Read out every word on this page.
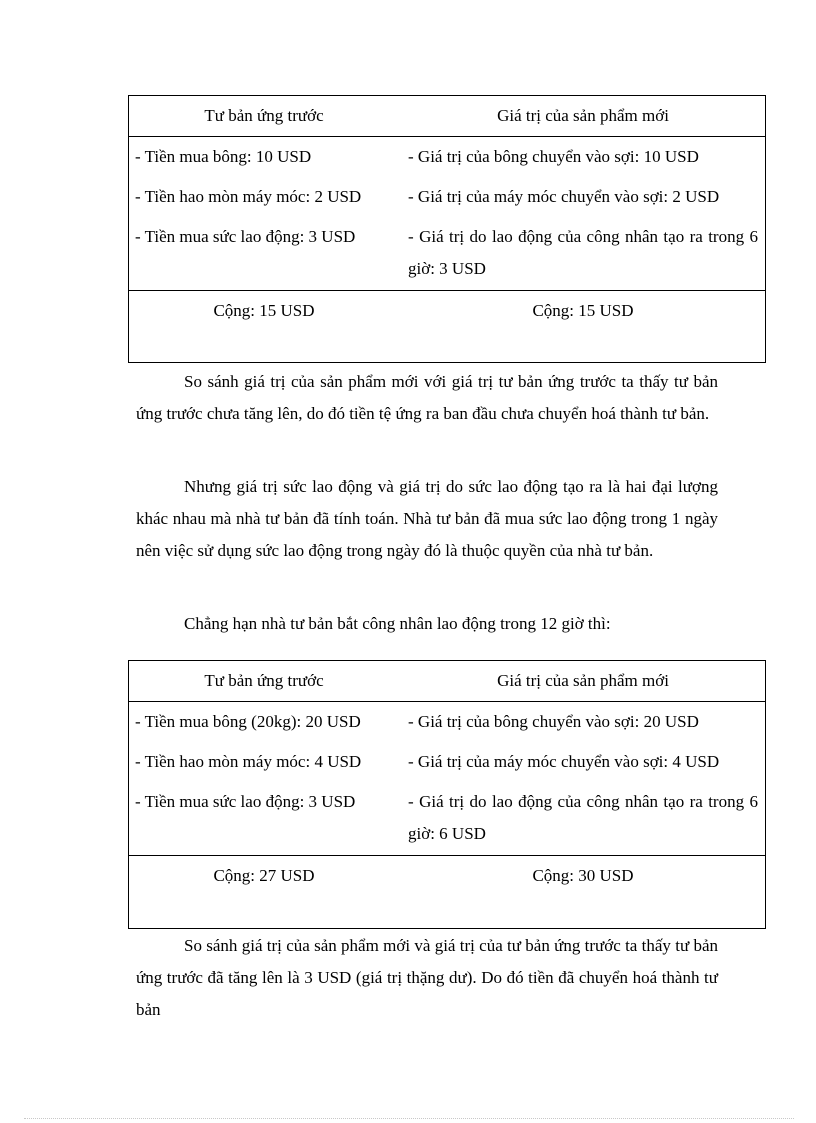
Tư bản ứng trước	Giá trị của sản phẩm mới
- Tiền mua bông: 10 USD	- Giá trị của bông chuyển vào sợi: 10 USD
- Tiền hao mòn máy móc: 2 USD	- Giá trị của máy móc chuyển vào sợi: 2 USD
- Tiền mua sức lao động: 3 USD	- Giá trị do lao động của công nhân tạo ra trong 6 giờ: 3 USD
Cộng: 15 USD	Cộng: 15 USD

So sánh giá trị của sản phẩm mới với giá trị tư bản ứng trước ta thấy tư bản ứng trước chưa tăng lên, do đó tiền tệ ứng ra ban đầu chưa chuyển hoá thành tư bản.

Nhưng giá trị sức lao động và giá trị do sức lao động tạo ra là hai đại lượng khác nhau mà nhà tư bản đã tính toán. Nhà tư bản đã mua sức lao động trong 1 ngày nên việc sử dụng sức lao động trong ngày đó là thuộc quyền của nhà tư bản.

Chẳng hạn nhà tư bản bắt công nhân lao động trong 12 giờ thì:

Tư bản ứng trước	Giá trị của sản phẩm mới
- Tiền mua bông (20kg): 20 USD	- Giá trị của bông chuyển vào sợi: 20 USD
- Tiền hao mòn máy móc: 4 USD	- Giá trị của máy móc chuyển vào sợi: 4 USD
- Tiền mua sức lao động: 3 USD	- Giá trị do lao động của công nhân tạo ra trong 6 giờ: 6 USD
Cộng: 27 USD	Cộng: 30 USD

So sánh giá trị của sản phẩm mới và giá trị của tư bản ứng trước ta thấy tư bản ứng trước đã tăng lên là 3 USD (giá trị thặng dư). Do đó tiền đã chuyển hoá thành tư bản
